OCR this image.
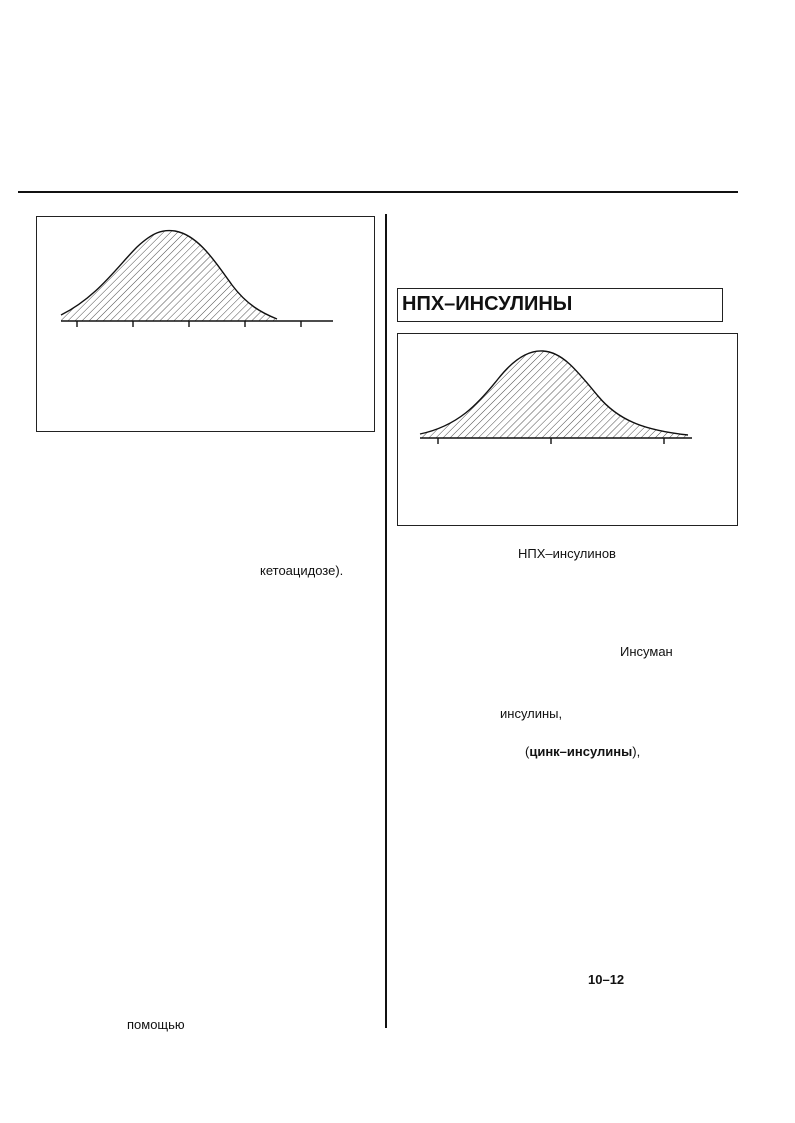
НПХ–ИНСУЛИНЫ
кетоацидозе).
НПХ–инсулинов
Инсуман
инсулины,
(цинк–инсулины),
10–12
помощью
